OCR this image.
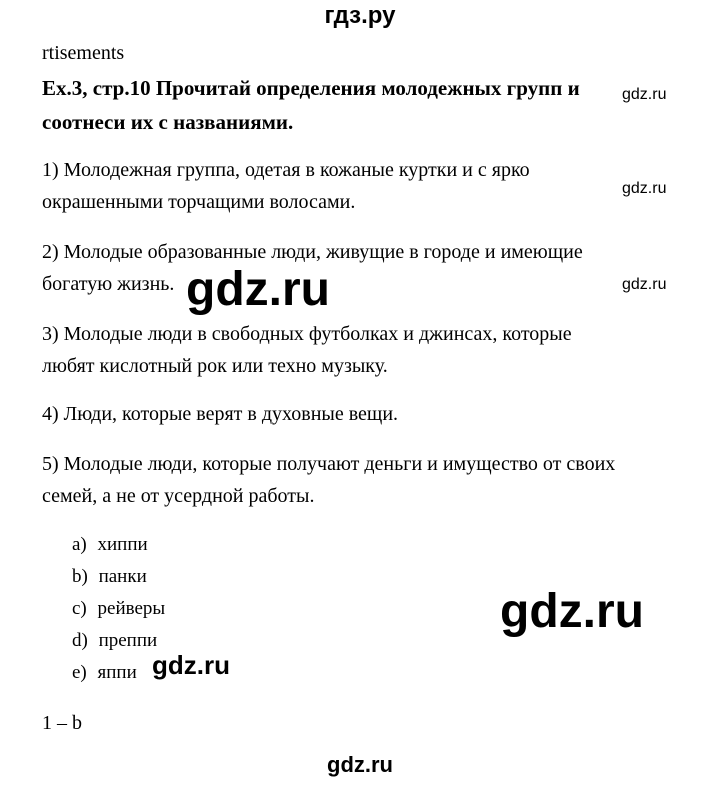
гдз.ру
rtisements
Ex.3, стр.10 Прочитай определения молодежных групп и
соотнеси их с названиями.
1) Молодежная группа, одетая в кожаные куртки и с ярко
окрашенными торчащими волосами.
2) Молодые образованные люди, живущие в городе и имеющие
богатую жизнь.
3) Молодые люди в свободных футболках и джинсах, которые
любят кислотный рок или техно музыку.
4) Люди, которые верят в духовные вещи.
5) Молодые люди, которые получают деньги и имущество от своих
семей, а не от усердной работы.
a) хиппи
b) панки
c) рейверы
d) преппи
e) яппи
1 – b
gdz.ru
gdz.ru
gdz.ru
gdz.ru
gdz.ru
gdz.ru
gdz.ru
